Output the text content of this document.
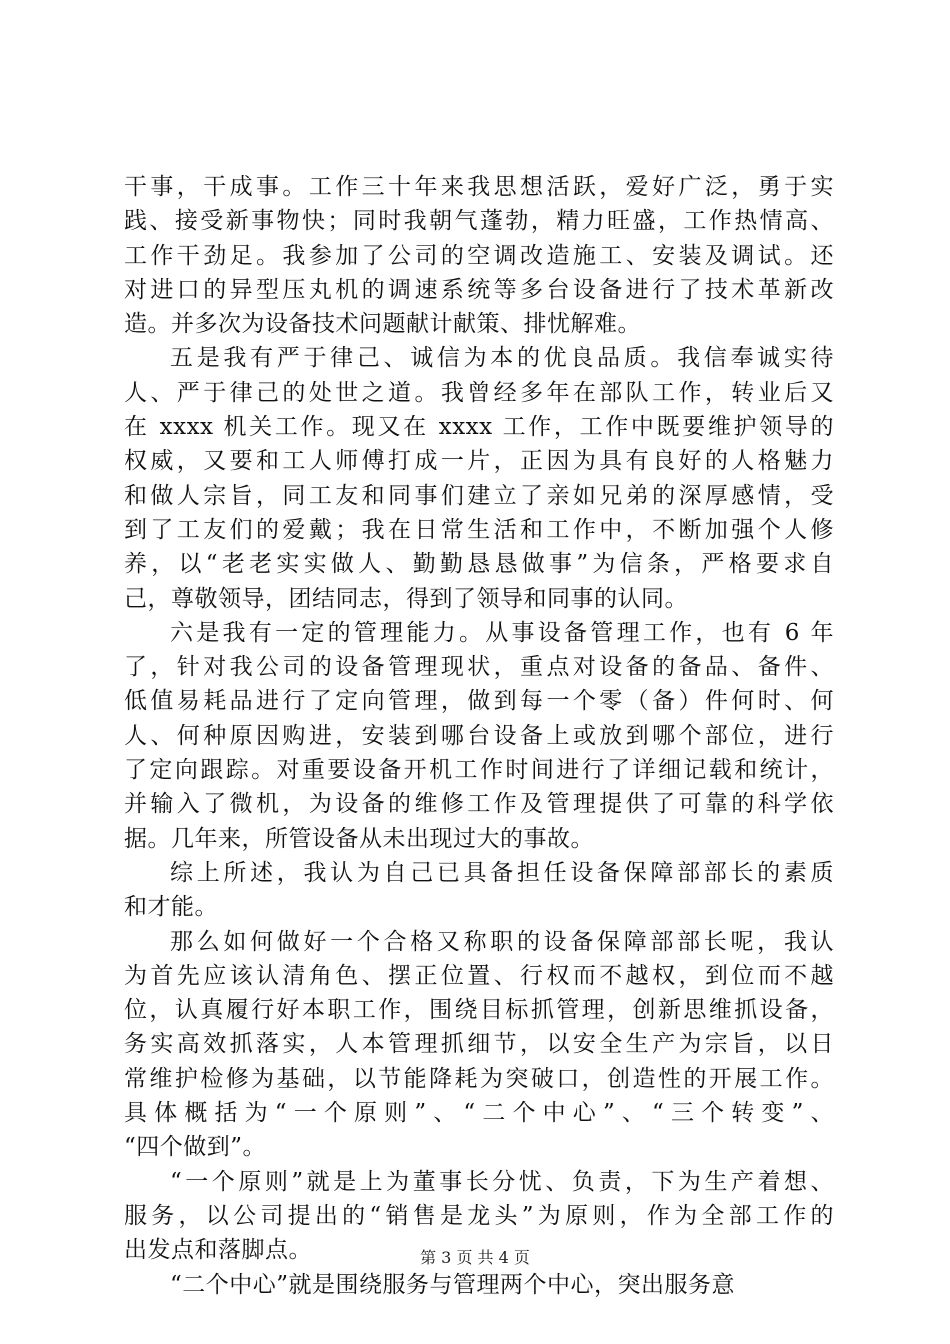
干事，干成事。工作三十年来我思想活跃，爱好广泛，勇于实
践、接受新事物快；同时我朝气蓬勃，精力旺盛，工作热情高、
工作干劲足。我参加了公司的空调改造施工、安装及调试。还
对进口的异型压丸机的调速系统等多台设备进行了技术革新改
造。并多次为设备技术问题献计献策、排忧解难。
五是我有严于律己、诚信为本的优良品质。我信奉诚实待
人、严于律己的处世之道。我曾经多年在部队工作，转业后又
在 xxxx 机关工作。现又在 xxxx 工作，工作中既要维护领导的
权威，又要和工人师傅打成一片，正因为具有良好的人格魅力
和做人宗旨，同工友和同事们建立了亲如兄弟的深厚感情，受
到了工友们的爱戴；我在日常生活和工作中，不断加强个人修
养，以“老老实实做人、勤勤恳恳做事”为信条，严格要求自
己，尊敬领导，团结同志，得到了领导和同事的认同。
六是我有一定的管理能力。从事设备管理工作，也有 6 年
了，针对我公司的设备管理现状，重点对设备的备品、备件、
低值易耗品进行了定向管理，做到每一个零（备）件何时、何
人、何种原因购进，安装到哪台设备上或放到哪个部位，进行
了定向跟踪。对重要设备开机工作时间进行了详细记载和统计，
并输入了微机，为设备的维修工作及管理提供了可靠的科学依
据。几年来，所管设备从未出现过大的事故。
综上所述，我认为自己已具备担任设备保障部部长的素质
和才能。
那么如何做好一个合格又称职的设备保障部部长呢，我认
为首先应该认清角色、摆正位置、行权而不越权，到位而不越
位，认真履行好本职工作，围绕目标抓管理，创新思维抓设备，
务实高效抓落实，人本管理抓细节，以安全生产为宗旨，以日
常维护检修为基础，以节能降耗为突破口，创造性的开展工作。
具体概括为“一个原则”、“二个中心”、“三个转变”、
“四个做到”。
“一个原则”就是上为董事长分忧、负责，下为生产着想、
服务，以公司提出的“销售是龙头”为原则，作为全部工作的
出发点和落脚点。
“二个中心”就是围绕服务与管理两个中心，突出服务意
第 3 页 共 4 页
